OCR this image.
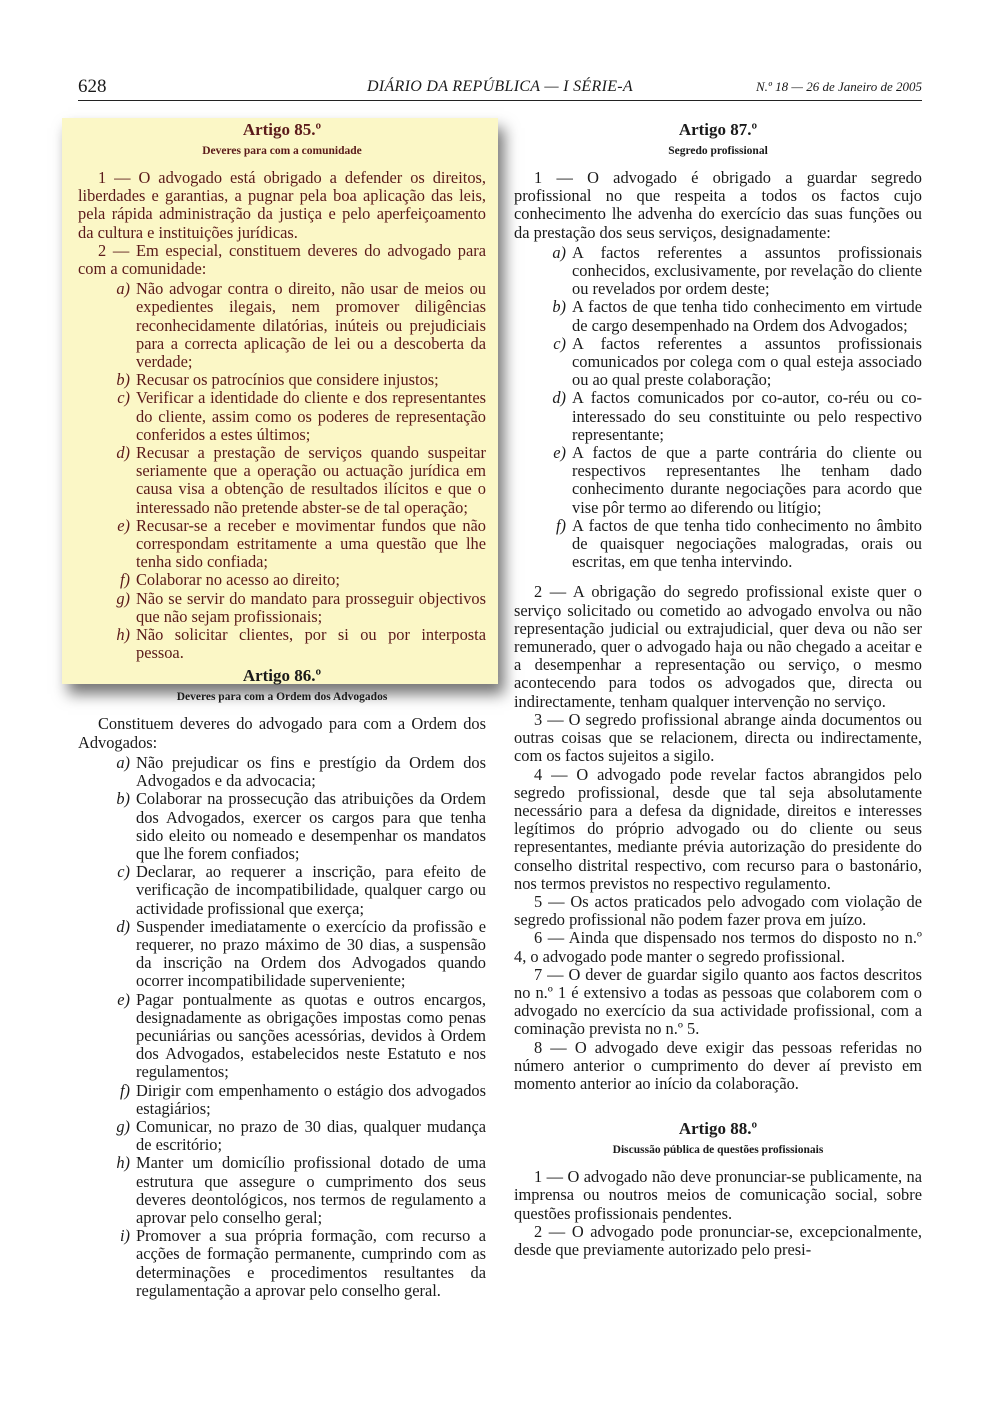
628	DIÁRIO DA REPÚBLICA — I SÉRIE-A	N.º 18 — 26 de Janeiro de 2005
Artigo 85.º
Deveres para com a comunidade

1 — O advogado está obrigado a defender os direitos, liberdades e garantias, a pugnar pela boa aplicação das leis, pela rápida administração da justiça e pelo aperfeiçoamento da cultura e instituições jurídicas.

2 — Em especial, constituem deveres do advogado para com a comunidade:

a) Não advogar contra o direito, não usar de meios ou expedientes ilegais, nem promover diligências reconhecidamente dilatórias, inúteis ou prejudiciais para a correcta aplicação de lei ou a descoberta da verdade;
b) Recusar os patrocínios que considere injustos;
c) Verificar a identidade do cliente e dos representantes do cliente, assim como os poderes de representação conferidos a estes últimos;
d) Recusar a prestação de serviços quando suspeitar seriamente que a operação ou actuação jurídica em causa visa a obtenção de resultados ilícitos e que o interessado não pretende abster-se de tal operação;
e) Recusar-se a receber e movimentar fundos que não correspondam estritamente a uma questão que lhe tenha sido confiada;
f) Colaborar no acesso ao direito;
g) Não se servir do mandato para prosseguir objectivos que não sejam profissionais;
h) Não solicitar clientes, por si ou por interposta pessoa.
Artigo 86.º
Deveres para com a Ordem dos Advogados

Constituem deveres do advogado para com a Ordem dos Advogados:

a) Não prejudicar os fins e prestígio da Ordem dos Advogados e da advocacia;
b) Colaborar na prossecução das atribuições da Ordem dos Advogados, exercer os cargos para que tenha sido eleito ou nomeado e desempenhar os mandatos que lhe forem confiados;
c) Declarar, ao requerer a inscrição, para efeito de verificação de incompatibilidade, qualquer cargo ou actividade profissional que exerça;
d) Suspender imediatamente o exercício da profissão e requerer, no prazo máximo de 30 dias, a suspensão da inscrição na Ordem dos Advogados quando ocorrer incompatibilidade superveniente;
e) Pagar pontualmente as quotas e outros encargos, designadamente as obrigações impostas como penas pecuniárias ou sanções acessórias, devidos à Ordem dos Advogados, estabelecidos neste Estatuto e nos regulamentos;
f) Dirigir com empenhamento o estágio dos advogados estagiários;
g) Comunicar, no prazo de 30 dias, qualquer mudança de escritório;
h) Manter um domicílio profissional dotado de uma estrutura que assegure o cumprimento dos seus deveres deontológicos, nos termos de regulamento a aprovar pelo conselho geral;
i) Promover a sua própria formação, com recurso a acções de formação permanente, cumprindo com as determinações e procedimentos resultantes da regulamentação a aprovar pelo conselho geral.
Artigo 87.º
Segredo profissional

1 — O advogado é obrigado a guardar segredo profissional no que respeita a todos os factos cujo conhecimento lhe advenha do exercício das suas funções ou da prestação dos seus serviços, designadamente:

a) A factos referentes a assuntos profissionais conhecidos, exclusivamente, por revelação do cliente ou revelados por ordem deste;
b) A factos de que tenha tido conhecimento em virtude de cargo desempenhado na Ordem dos Advogados;
c) A factos referentes a assuntos profissionais comunicados por colega com o qual esteja associado ou ao qual preste colaboração;
d) A factos comunicados por co-autor, co-réu ou co-interessado do seu constituinte ou pelo respectivo representante;
e) A factos de que a parte contrária do cliente ou respectivos representantes lhe tenham dado conhecimento durante negociações para acordo que vise pôr termo ao diferendo ou litígio;
f) A factos de que tenha tido conhecimento no âmbito de quaisquer negociações malogradas, orais ou escritas, em que tenha intervindo.

2 — A obrigação do segredo profissional existe quer o serviço solicitado ou cometido ao advogado envolva ou não representação judicial ou extrajudicial, quer deva ou não ser remunerado, quer o advogado haja ou não chegado a aceitar e a desempenhar a representação ou serviço, o mesmo acontecendo para todos os advogados que, directa ou indirectamente, tenham qualquer intervenção no serviço.

3 — O segredo profissional abrange ainda documentos ou outras coisas que se relacionem, directa ou indirectamente, com os factos sujeitos a sigilo.

4 — O advogado pode revelar factos abrangidos pelo segredo profissional, desde que tal seja absolutamente necessário para a defesa da dignidade, direitos e interesses legítimos do próprio advogado ou do cliente ou seus representantes, mediante prévia autorização do presidente do conselho distrital respectivo, com recurso para o bastonário, nos termos previstos no respectivo regulamento.

5 — Os actos praticados pelo advogado com violação de segredo profissional não podem fazer prova em juízo.

6 — Ainda que dispensado nos termos do disposto no n.º 4, o advogado pode manter o segredo profissional.

7 — O dever de guardar sigilo quanto aos factos descritos no n.º 1 é extensivo a todas as pessoas que colaborem com o advogado no exercício da sua actividade profissional, com a cominação prevista no n.º 5.

8 — O advogado deve exigir das pessoas referidas no número anterior o cumprimento do dever aí previsto em momento anterior ao início da colaboração.

Artigo 88.º
Discussão pública de questões profissionais

1 — O advogado não deve pronunciar-se publicamente, na imprensa ou noutros meios de comunicação social, sobre questões profissionais pendentes.

2 — O advogado pode pronunciar-se, excepcionalmente, desde que previamente autorizado pelo presi-
